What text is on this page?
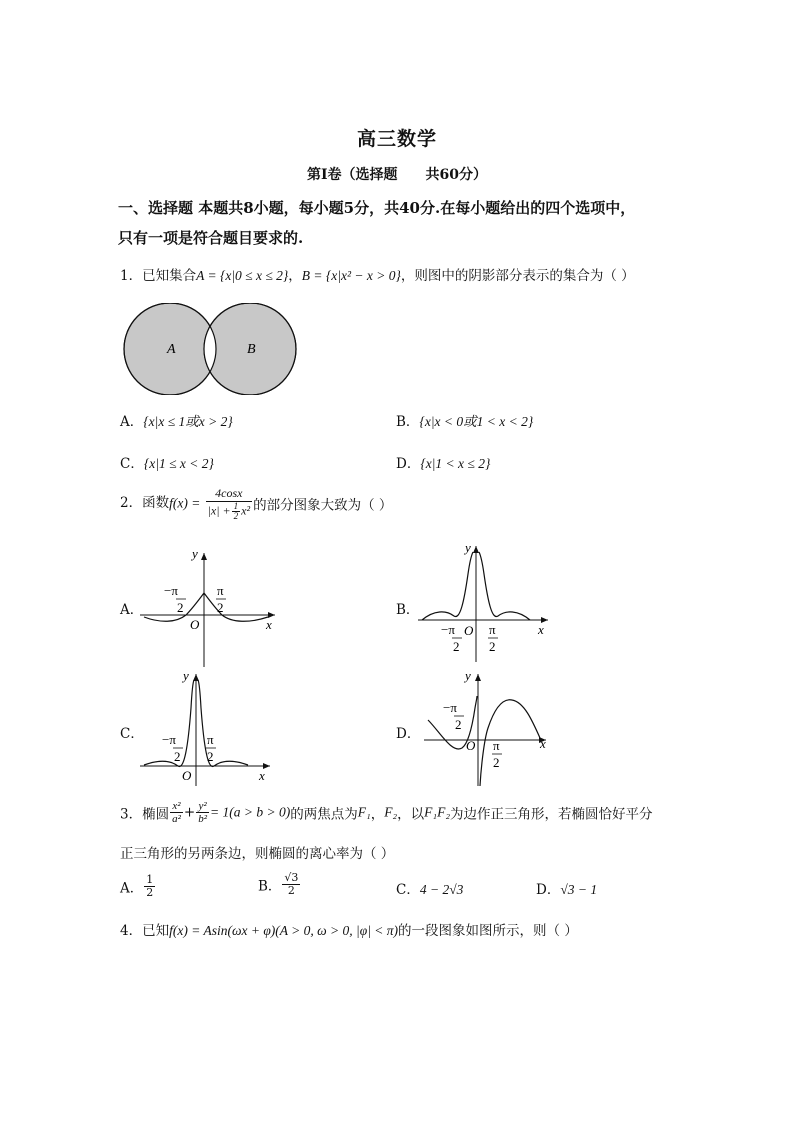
高三数学
第Ⅰ卷（选择题　　共60分）
一、选择题 本题共8小题，每小题5分，共40分.在每小题给出的四个选项中，
只有一项是符合题目要求的.
1．已知集合A = {x|0 ≤ x ≤ 2}，B = {x|x² − x > 0}，则图中的阴影部分表示的集合为（ ）
A	B
A．{x|x ≤ 1或x > 2}	B．{x|x < 0或1 < x < 2}
C．{x|1 ≤ x < 2}	D．{x|1 < x ≤ 2}
2．函数$f(x) = \frac{4\cos x}{|x| + \frac{1}{2} x^2}$ 的部分图象大致为（ ）
A．	B．
C．	D．
y
x
O
−π
2
π
2
y
x
O
−π
2
π
2
y
x
O
−π
2
π
2
y
x
O
−π
2
π
2
3．椭圆 $\frac{\text{x²}}{\text{a²}} + \frac{\text{y²}}{\text{b²}} = 1(a > b > 0)$的两焦点为F₁，F₂，以F₁F₂为边作正三角形，若椭圆恰好平分
正三角形的另两条边，则椭圆的离心率为（ ）
A． $\frac{1}{2}$	B． $\frac{√3}{2}$	C．4 − 2√3	D．√3 − 1
4．已知f(x) = Asin(ωx + φ)(A > 0, ω > 0, |φ| < π)的一段图象如图所示，则（ ）
